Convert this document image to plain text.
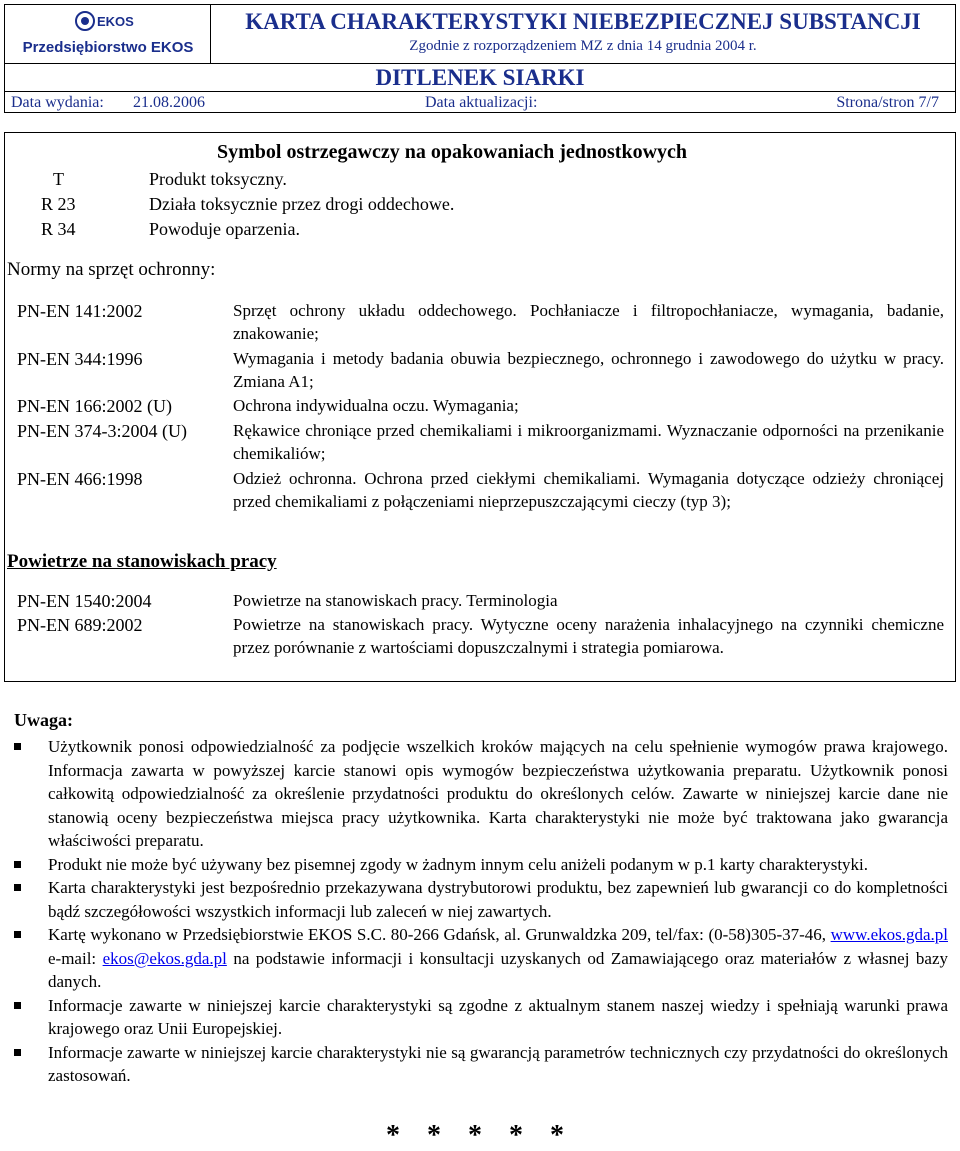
EKOS
Przedsiębiorstwo EKOS
KARTA CHARAKTERYSTYKI NIEBEZPIECZNEJ SUBSTANCJI
Zgodnie z rozporządzeniem MZ z dnia 14 grudnia 2004 r.
DITLENEK SIARKI
Data wydania: 21.08.2006	Data aktualizacji:	Strona/stron 7/7
Symbol ostrzegawczy na opakowaniach jednostkowych
T	Produkt toksyczny.
R 23	Działa toksycznie przez drogi oddechowe.
R 34	Powoduje oparzenia.
Normy na sprzęt ochronny:
PN-EN 141:2002	Sprzęt ochrony układu oddechowego. Pochłaniacze i filtropochłaniacze, wymagania, badanie, znakowanie;

PN-EN 344:1996	Wymagania i metody badania obuwia bezpiecznego, ochronnego i zawodowego do użytku w pracy. Zmiana A1;

PN-EN 166:2002 (U)	Ochrona indywidualna oczu. Wymagania;

PN-EN 374-3:2004 (U)	Rękawice chroniące przed chemikaliami i mikroorganizmami. Wyznaczanie odporności na przenikanie chemikaliów;

PN-EN 466:1998	Odzież ochronna. Ochrona przed ciekłymi chemikaliami. Wymagania dotyczące odzieży chroniącej przed chemikaliami z połączeniami nieprzepuszczającymi cieczy (typ 3);

Powietrze na stanowiskach pracy
PN-EN 1540:2004	Powietrze na stanowiskach pracy. Terminologia

PN-EN 689:2002	Powietrze na stanowiskach pracy. Wytyczne oceny narażenia inhalacyjnego na czynniki chemiczne przez porównanie z wartościami dopuszczalnymi i strategia pomiarowa.

Uwaga:
Użytkownik ponosi odpowiedzialność za podjęcie wszelkich kroków mających na celu spełnienie wymogów prawa krajowego. Informacja zawarta w powyższej karcie stanowi opis wymogów bezpieczeństwa użytkowania preparatu. Użytkownik ponosi całkowitą odpowiedzialność za określenie przydatności produktu do określonych celów. Zawarte w niniejszej karcie dane nie stanowią oceny bezpieczeństwa miejsca pracy użytkownika. Karta charakterystyki nie może być traktowana jako gwarancja właściwości preparatu.
Produkt nie może być używany bez pisemnej zgody w żadnym innym celu aniżeli podanym w p.1 karty charakterystyki.
Karta charakterystyki jest bezpośrednio przekazywana dystrybutorowi produktu, bez zapewnień lub gwarancji co do kompletności bądź szczegółowości wszystkich informacji lub zaleceń w niej zawartych.
Kartę wykonano w Przedsiębiorstwie EKOS S.C. 80-266 Gdańsk, al. Grunwaldzka 209, tel/fax: (0-58)305-37-46, www.ekos.gda.pl e-mail: ekos@ekos.gda.pl na podstawie informacji i konsultacji uzyskanych od Zamawiającego oraz materiałów z własnej bazy danych.
Informacje zawarte w niniejszej karcie charakterystyki są zgodne z aktualnym stanem naszej wiedzy i spełniają warunki prawa krajowego oraz Unii Europejskiej.
Informacje zawarte w niniejszej karcie charakterystyki nie są gwarancją parametrów technicznych czy przydatności do określonych zastosowań.
* * * * *
